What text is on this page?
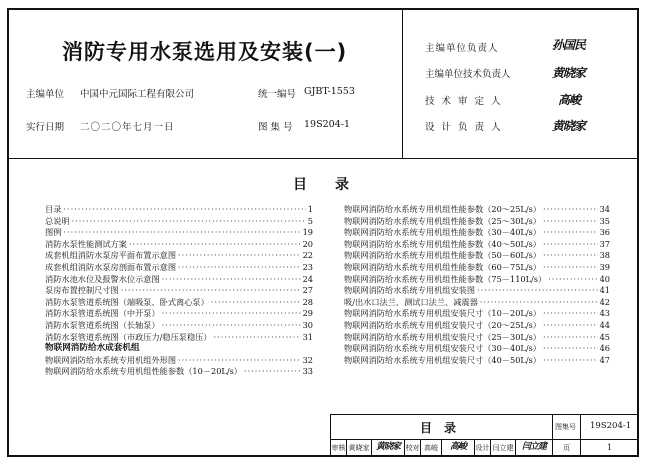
消防专用水泵选用及安装(一)
主编单位 中国中元国际工程有限公司	统一编号 GJBT-1553
实行日期 二〇二〇年七月一日	图 集 号 19S204-1
主编单位负责人	孙国民
主编单位技术负责人	黄晓家
技 术 审 定 人	高峻
设 计 负 责 人	黄晓家
目　　录
目录 ·····	1
总说明 ·····	5
图例 ·····	19
消防水泵性能测试方案 ·····	20
成套机组消防水泵房平面布置示意图 ·····	22
成套机组消防水泵房剖面布置示意图 ·····	23
消防水池水位及报警水位示意图 ·····	24
泵房布置控制尺寸图 ·····	27
消防水泵管道系统图（端吸泵、卧式离心泵） ·····	28
消防水泵管道系统图（中开泵） ·····	29
消防水泵管道系统图（长轴泵） ·····	30
消防水泵管道系统图（市政压力/稳压泵稳压） ·····	31
物联网消防给水成套机组
物联网消防给水系统专用机组外形图 ·····	32
物联网消防给水系统专用机组性能参数（10－20L/s） ·····	33
物联网消防给水系统专用机组性能参数（20～25L/s） ·····	34
物联网消防给水系统专用机组性能参数（25～30L/s） ·····	35
物联网消防给水系统专用机组性能参数（30－40L/s） ·····	36
物联网消防给水系统专用机组性能参数（40～50L/s） ·····	37
物联网消防给水系统专用机组性能参数（50－60L/s） ·····	38
物联网消防给水系统专用机组性能参数（60－75L/s） ·····	39
物联网消防给水系统专用机组性能参数（75－110L/s） ·····	40
物联网消防给水系统专用机组安装图 ·····	41
吸/出水口法兰、测试口法兰、减震器 ·····	42
物联网消防给水系统专用机组安装尺寸（10－20L/s） ·····	43
物联网消防给水系统专用机组安装尺寸（20～25L/s） ·····	44
物联网消防给水系统专用机组安装尺寸（25－30L/s） ·····	45
物联网消防给水系统专用机组安装尺寸（30－40L/s） ·····	46
物联网消防给水系统专用机组安装尺寸（40－50L/s） ·····	47
目　录	图集号 19S204-1
审核 黄晓家 黄晓家 校对 高峻	高峻	设计 闫立建 闫立建	页	1
